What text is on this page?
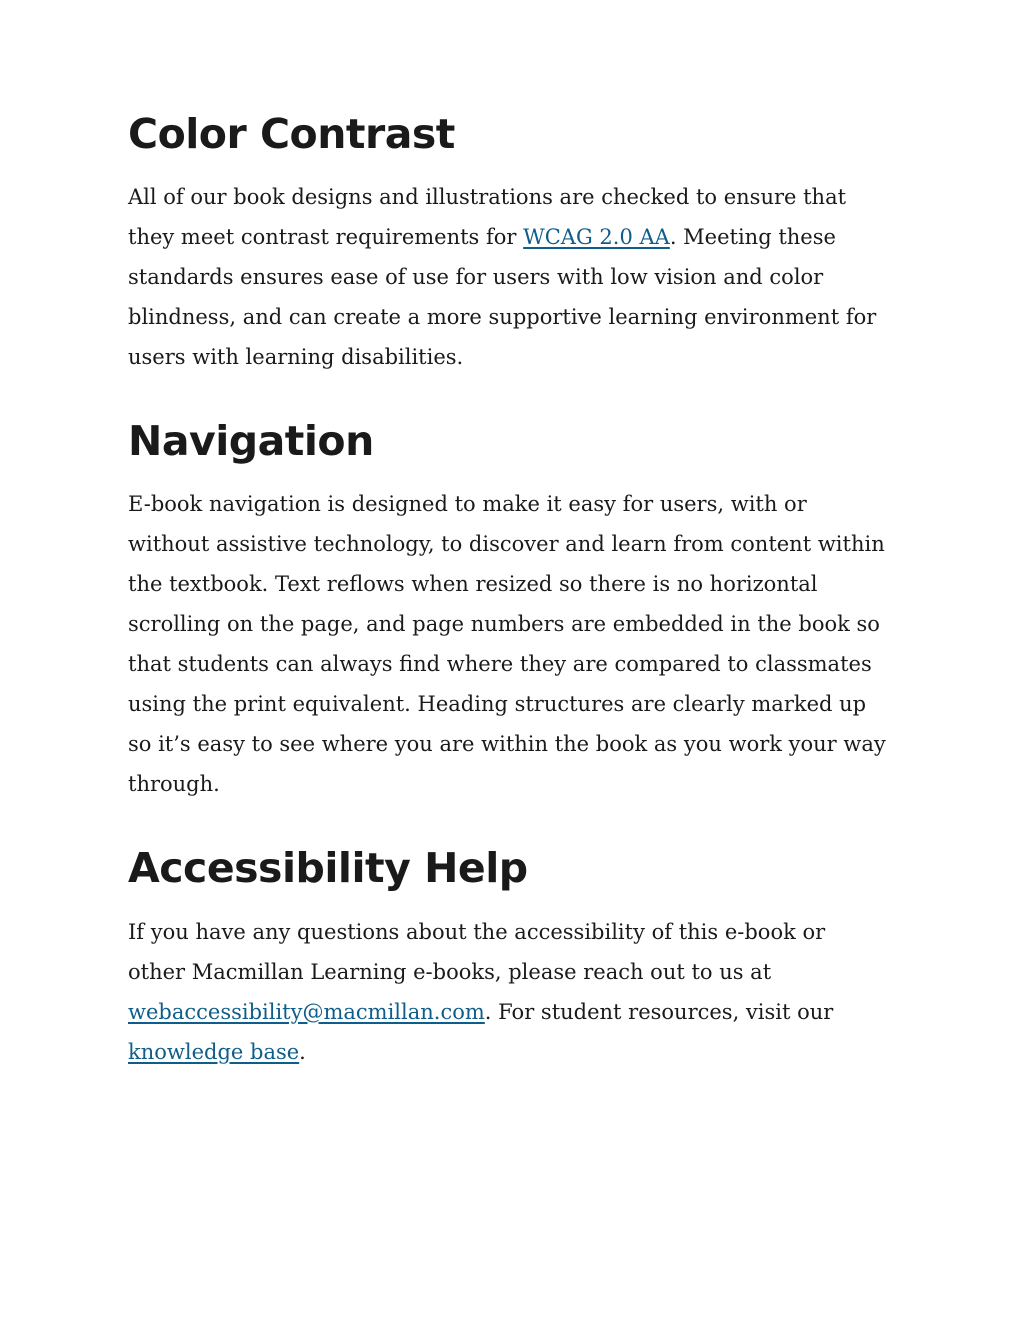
Color Contrast

All of our book designs and illustrations are checked to ensure that they meet contrast requirements for WCAG 2.0 AA. Meeting these standards ensures ease of use for users with low vision and color blindness, and can create a more supportive learning environment for users with learning disabilities.

Navigation

E-book navigation is designed to make it easy for users, with or without assistive technology, to discover and learn from content within the textbook. Text reflows when resized so there is no horizontal scrolling on the page, and page numbers are embedded in the book so that students can always find where they are compared to classmates using the print equivalent. Heading structures are clearly marked up so it’s easy to see where you are within the book as you work your way through.

Accessibility Help

If you have any questions about the accessibility of this e-book or other Macmillan Learning e-books, please reach out to us at webaccessibility@macmillan.com. For student resources, visit our knowledge base.
